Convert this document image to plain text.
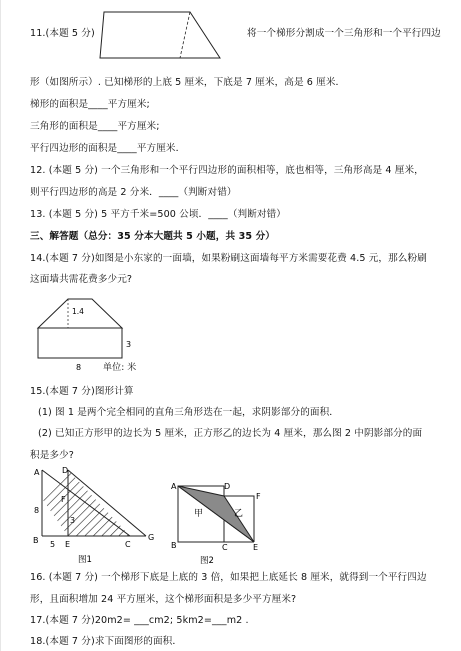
11.(本题 5 分)	将一个梯形分割成一个三角形和一个平行四边
形（如图所示）. 已知梯形的上底 5 厘米，下底是 7 厘米，高是 6 厘米．
梯形的面积是____平方厘米;
三角形的面积是____平方厘米;
平行四边形的面积是____平方厘米．
12. (本题 5 分) 一个三角形和一个平行四边形的面积相等，底也相等，三角形高是 4 厘米，
则平行四边形的高是 2 分米．____（判断对错）
13. (本题 5 分) 5 平方千米=500 公顷．____（判断对错）
三、解答题（总分：35 分本大题共 5 小题，共 35 分）
14.(本题 7 分)如图是小东家的一面墙，如果粉刷这面墙每平方米需要花费 4.5 元，那么粉刷
这面墙共需花费多少元?
1.4
3
8 单位: 米
15.(本题 7 分)图形计算
(1) 图 1 是两个完全相同的直角三角形迭在一起，求阴影部分的面积．
(2) 已知正方形甲的边长为 5 厘米，正方形乙的边长为 4 厘米，那么图 2 中阴影部分的面
积是多少?
A	D
F
8
3
B 5 E	C
G
图1
A	D
F
甲	乙
B	C	E
图2
16. (本题 7 分) 一个梯形下底是上底的 3 倍，如果把上底延长 8 厘米，就得到一个平行四边
形，且面积增加 24 平方厘米，这个梯形面积是多少平方厘米?
17.(本题 7 分)20m2= ___cm2; 5km2=___m2 .
18.(本题 7 分)求下面图形的面积．
